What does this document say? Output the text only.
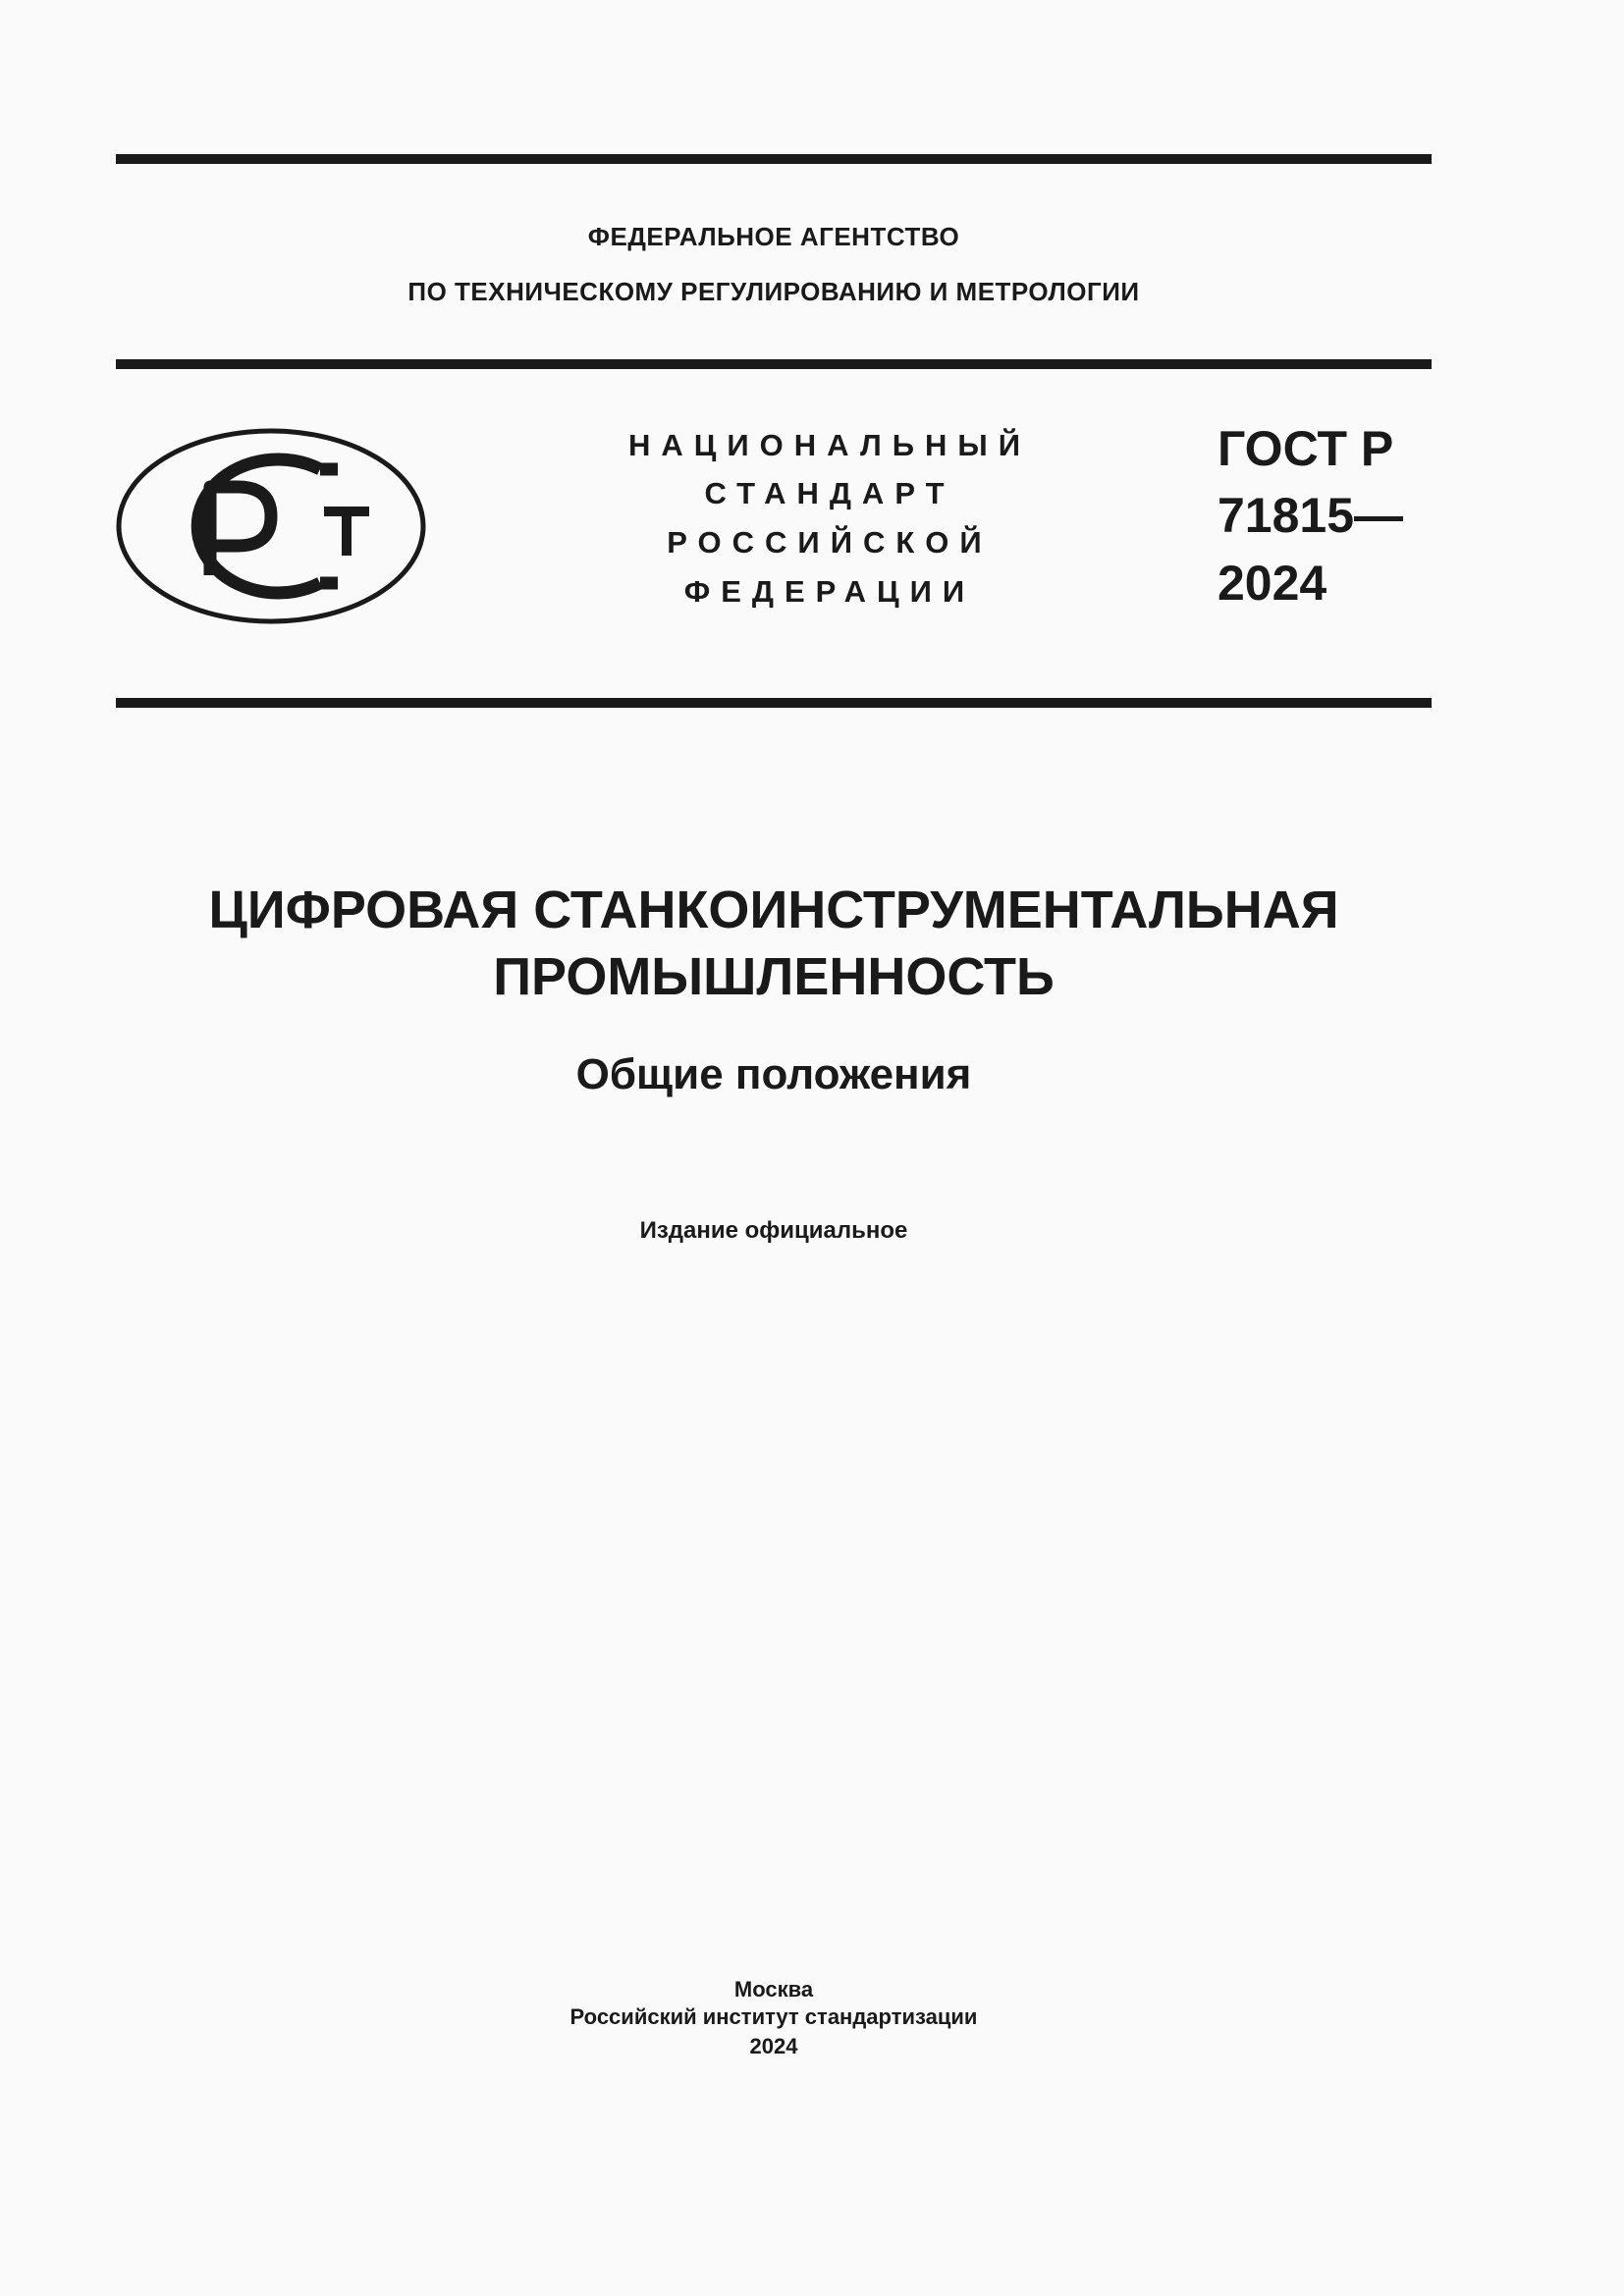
ФЕДЕРАЛЬНОЕ АГЕНТСТВО
ПО ТЕХНИЧЕСКОМУ РЕГУЛИРОВАНИЮ И МЕТРОЛОГИИ
НАЦИОНАЛЬНЫЙ
СТАНДАРТ
РОССИЙСКОЙ
ФЕДЕРАЦИИ
ГОСТ Р
71815—
2024
ЦИФРОВАЯ СТАНКОИНСТРУМЕНТАЛЬНАЯ
ПРОМЫШЛЕННОСТЬ
Общие положения
Издание официальное
Москва
Российский институт стандартизации
2024
